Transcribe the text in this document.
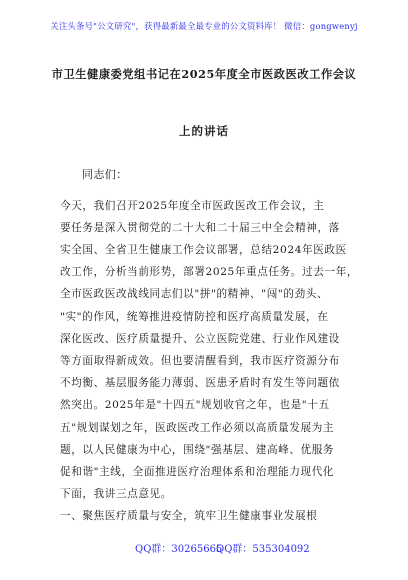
关注头条号"公文研究"，获得最新最全最专业的公文资料库！ 微信：gongwenyj
市卫生健康委党组书记在2025年度全市医政医改工作会议
上的讲话
同志们：
今天，我们召开2025年度全市医政医改工作会议，主
要任务是深入贯彻党的二十大和二十届三中全会精神，落
实全国、全省卫生健康工作会议部署，总结2024年医政医
改工作，分析当前形势，部署2025年重点任务。过去一年，
全市医政医改战线同志们以"拼"的精神、"闯"的劲头、
"实"的作风，统筹推进疫情防控和医疗高质量发展，在
深化医改、医疗质量提升、公立医院党建、行业作风建设
等方面取得新成效。但也要清醒看到，我市医疗资源分布
不均衡、基层服务能力薄弱、医患矛盾时有发生等问题依
然突出。2025年是"十四五"规划收官之年，也是"十五
五"规划谋划之年，医政医改工作必须以高质量发展为主
题，以人民健康为中心，围绕"强基层、建高峰、优服务
促和谐"主线，全面推进医疗治理体系和治理能力现代化
下面，我讲三点意见。
一、聚焦医疗质量与安全，筑牢卫生健康事业发展根
QQ群：30265665
QQ群：535304092
